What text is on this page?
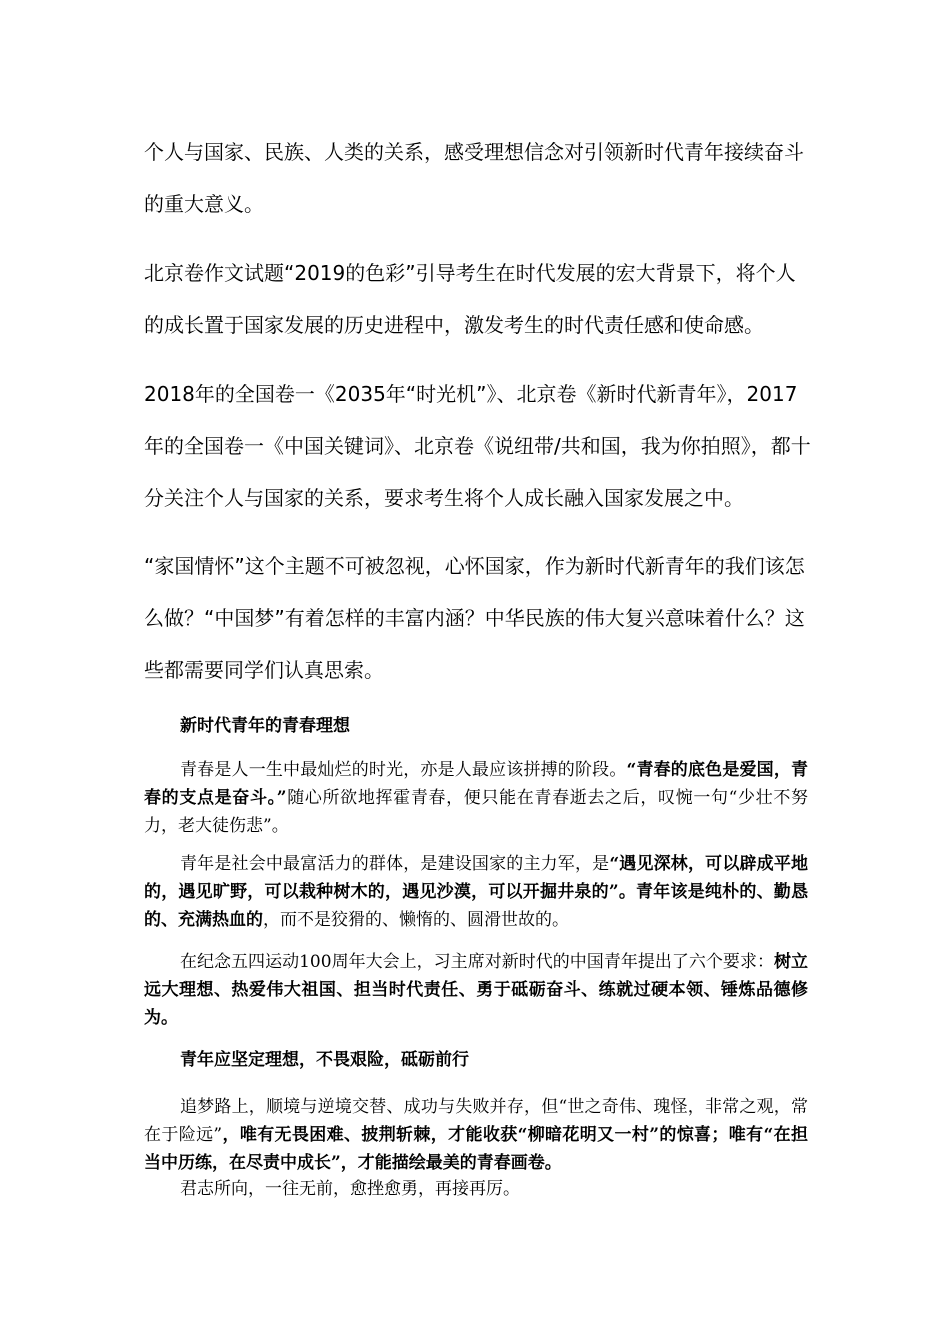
个人与国家、民族、人类的关系，感受理想信念对引领新时代青年接续奋斗的重大意义。

北京卷作文试题“2019的色彩”引导考生在时代发展的宏大背景下，将个人的成长置于国家发展的历史进程中，激发考生的时代责任感和使命感。

2018年的全国卷一《2035年“时光机”》、北京卷《新时代新青年》，2017年的全国卷一《中国关键词》、北京卷《说纽带/共和国，我为你拍照》，都十分关注个人与国家的关系，要求考生将个人成长融入国家发展之中。

“家国情怀”这个主题不可被忽视，心怀国家，作为新时代新青年的我们该怎么做？“中国梦”有着怎样的丰富内涵？中华民族的伟大复兴意味着什么？这些都需要同学们认真思索。

新时代青年的青春理想

青春是人一生中最灿烂的时光，亦是人最应该拼搏的阶段。“青春的底色是爱国，青春的支点是奋斗。”随心所欲地挥霍青春，便只能在青春逝去之后，叹惋一句“少壮不努力，老大徒伤悲”。

青年是社会中最富活力的群体，是建设国家的主力军，是“遇见深林，可以辟成平地的，遇见旷野，可以栽种树木的，遇见沙漠，可以开掘井泉的”。青年该是纯朴的、勤恳的、充满热血的，而不是狡猾的、懒惰的、圆滑世故的。

在纪念五四运动100周年大会上，习主席对新时代的中国青年提出了六个要求：树立远大理想、热爱伟大祖国、担当时代责任、勇于砥砺奋斗、练就过硬本领、锤炼品德修为。

青年应坚定理想，不畏艰险，砥砺前行

追梦路上，顺境与逆境交替、成功与失败并存，但“世之奇伟、瑰怪，非常之观，常在于险远”，唯有无畏困难、披荆斩棘，才能收获“柳暗花明又一村”的惊喜；唯有“在担当中历练，在尽责中成长”，才能描绘最美的青春画卷。

君志所向，一往无前，愈挫愈勇，再接再厉。
